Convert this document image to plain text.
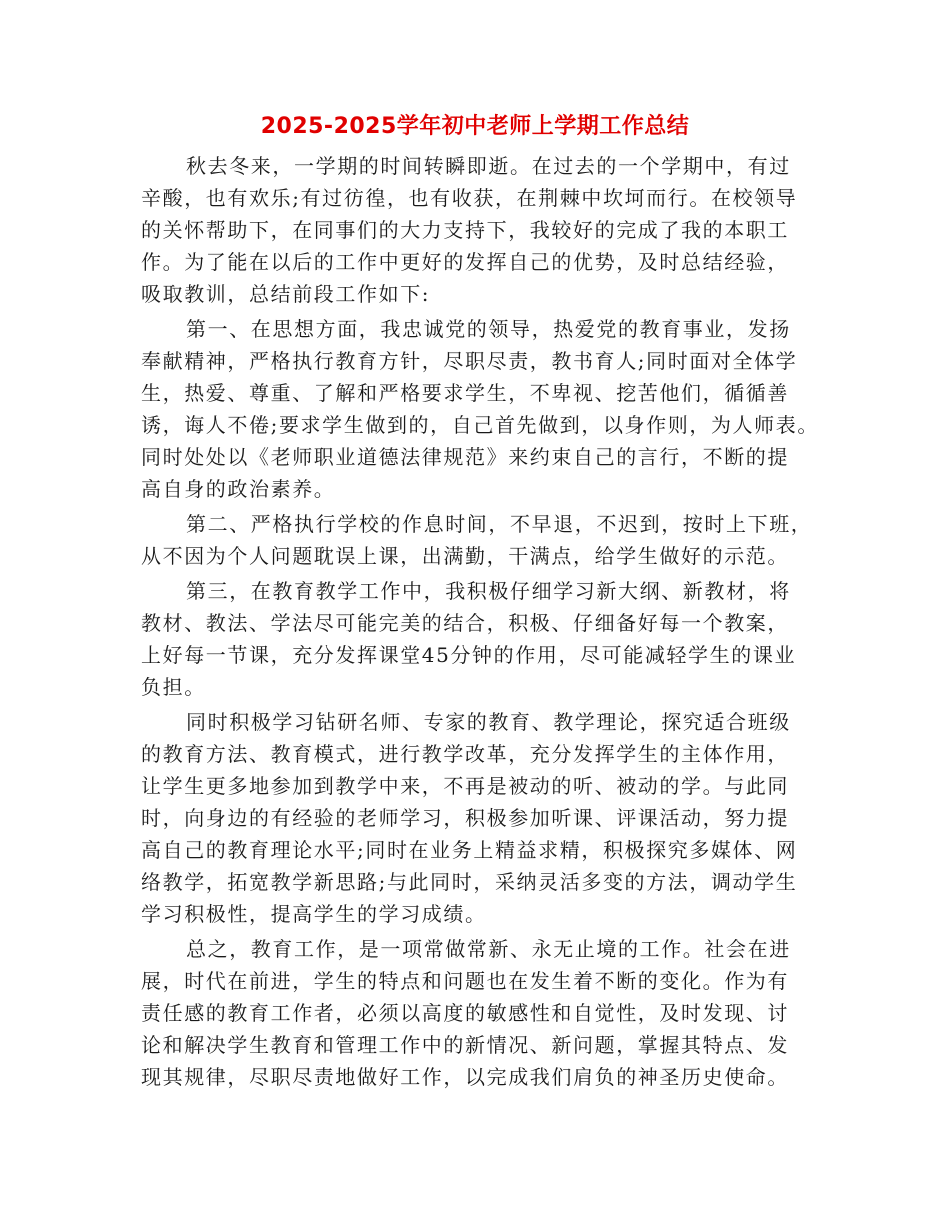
2025-2025学年初中老师上学期工作总结
秋去冬来，一学期的时间转瞬即逝。在过去的一个学期中，有过
辛酸，也有欢乐;有过彷徨，也有收获，在荆棘中坎坷而行。在校领导
的关怀帮助下，在同事们的大力支持下，我较好的完成了我的本职工
作。为了能在以后的工作中更好的发挥自己的优势，及时总结经验，
吸取教训，总结前段工作如下:
第一、在思想方面，我忠诚党的领导，热爱党的教育事业，发扬
奉献精神，严格执行教育方针，尽职尽责，教书育人;同时面对全体学
生，热爱、尊重、了解和严格要求学生，不卑视、挖苦他们，循循善
诱，诲人不倦;要求学生做到的，自己首先做到，以身作则，为人师表。
同时处处以《老师职业道德法律规范》来约束自己的言行，不断的提
高自身的政治素养。
第二、严格执行学校的作息时间，不早退，不迟到，按时上下班，
从不因为个人问题耽误上课，出满勤，干满点，给学生做好的示范。
第三，在教育教学工作中，我积极仔细学习新大纲、新教材，将
教材、教法、学法尽可能完美的结合，积极、仔细备好每一个教案，
上好每一节课，充分发挥课堂45分钟的作用，尽可能减轻学生的课业
负担。
同时积极学习钻研名师、专家的教育、教学理论，探究适合班级
的教育方法、教育模式，进行教学改革，充分发挥学生的主体作用，
让学生更多地参加到教学中来，不再是被动的听、被动的学。与此同
时，向身边的有经验的老师学习，积极参加听课、评课活动，努力提
高自己的教育理论水平;同时在业务上精益求精，积极探究多媒体、网
络教学，拓宽教学新思路;与此同时，采纳灵活多变的方法，调动学生
学习积极性，提高学生的学习成绩。
总之，教育工作，是一项常做常新、永无止境的工作。社会在进
展，时代在前进，学生的特点和问题也在发生着不断的变化。作为有
责任感的教育工作者，必须以高度的敏感性和自觉性，及时发现、讨
论和解决学生教育和管理工作中的新情况、新问题，掌握其特点、发
现其规律，尽职尽责地做好工作，以完成我们肩负的神圣历史使命。
